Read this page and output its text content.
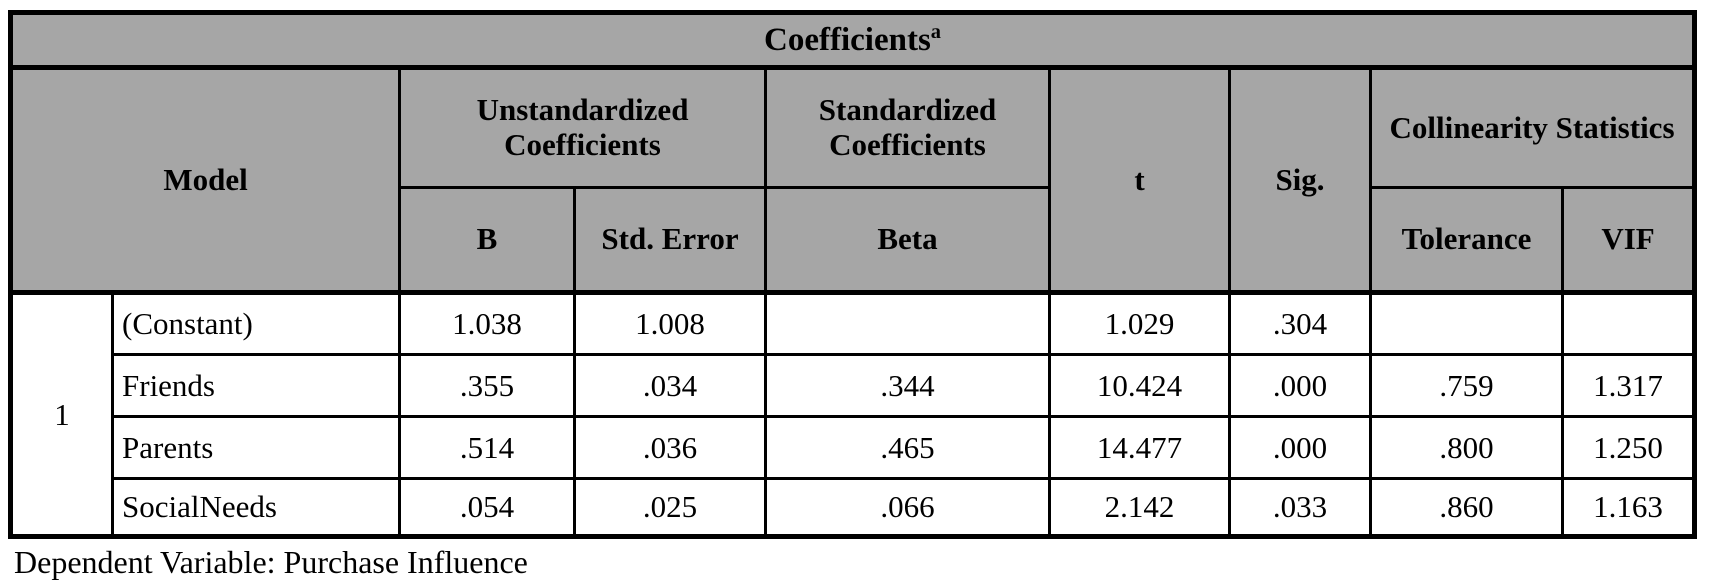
Coefficients$^a$
Model		Unstandardized Coefficients		Standardized Coefficients	t	Sig.	Collinearity Statistics	
		B	Std. Error	Beta			Tolerance	VIF
1	(Constant)	1.038	1.008		1.029	.304		
	Friends	.355	.034	.344	10.424	.000	.759	1.317
	Parents	.514	.036	.465	14.477	.000	.800	1.250
	SocialNeeds	.054	.025	.066	2.142	.033	.860	1.163
Dependent Variable: Purchase Influence
